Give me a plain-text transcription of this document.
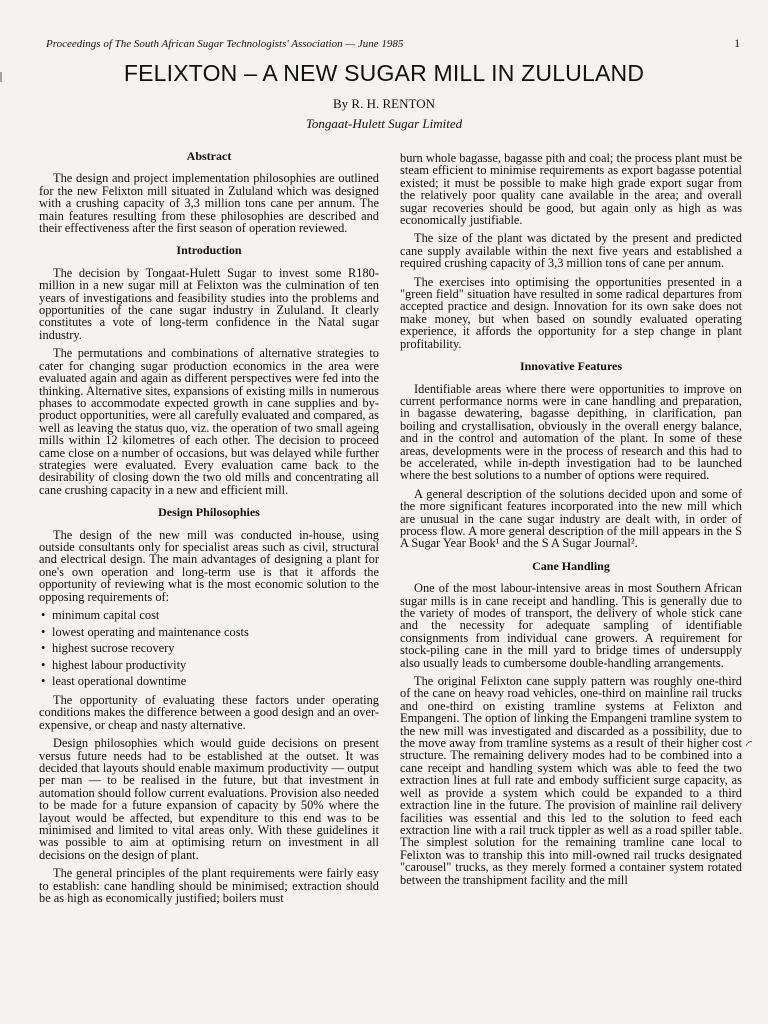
Proceedings of The South African Sugar Technologists' Association — June 1985	1
FELIXTON – A NEW SUGAR MILL IN ZULULAND
By R. H. RENTON
Tongaat-Hulett Sugar Limited
Abstract

The design and project implementation philosophies are outlined for the new Felixton mill situated in Zululand which was designed with a crushing capacity of 3,3 million tons cane per annum. The main features resulting from these philosophies are described and their effectiveness after the first season of operation reviewed.

Introduction

The decision by Tongaat-Hulett Sugar to invest some R180-million in a new sugar mill at Felixton was the culmination of ten years of investigations and feasibility studies into the problems and opportunities of the cane sugar industry in Zululand. It clearly constitutes a vote of long-term confidence in the Natal sugar industry.

The permutations and combinations of alternative strategies to cater for changing sugar production economics in the area were evaluated again and again as different perspectives were fed into the thinking. Alternative sites, expansions of existing mills in numerous phases to accommodate expected growth in cane supplies and by-product opportunities, were all carefully evaluated and compared, as well as leaving the status quo, viz. the operation of two small ageing mills within 12 kilometres of each other. The decision to proceed came close on a number of occasions, but was delayed while further strategies were evaluated. Every evaluation came back to the desirability of closing down the two old mills and concentrating all cane crushing capacity in a new and efficient mill.

Design Philosophies

The design of the new mill was conducted in-house, using outside consultants only for specialist areas such as civil, structural and electrical design. The main advantages of designing a plant for one's own operation and long-term use is that it affords the opportunity of reviewing what is the most economic solution to the opposing requirements of:

• minimum capital cost
• lowest operating and maintenance costs
• highest sucrose recovery
• highest labour productivity
• least operational downtime

The opportunity of evaluating these factors under operating conditions makes the difference between a good design and an over-expensive, or cheap and nasty alternative.

Design philosophies which would guide decisions on present versus future needs had to be established at the outset. It was decided that layouts should enable maximum productivity — output per man — to be realised in the future, but that investment in automation should follow current evaluations. Provision also needed to be made for a future expansion of capacity by 50% where the layout would be affected, but expenditure to this end was to be minimised and limited to vital areas only. With these guidelines it was possible to aim at optimising return on investment in all decisions on the design of plant.

The general principles of the plant requirements were fairly easy to establish: cane handling should be minimised; extraction should be as high as economically justified; boilers must

burn whole bagasse, bagasse pith and coal; the process plant must be steam efficient to minimise requirements as export bagasse potential existed; it must be possible to make high grade export sugar from the relatively poor quality cane available in the area; and overall sugar recoveries should be good, but again only as high as was economically justifiable.

The size of the plant was dictated by the present and predicted cane supply available within the next five years and established a required crushing capacity of 3,3 million tons of cane per annum.

The exercises into optimising the opportunities presented in a "green field" situation have resulted in some radical departures from accepted practice and design. Innovation for its own sake does not make money, but when based on soundly evaluated operating experience, it affords the opportunity for a step change in plant profitability.

Innovative Features

Identifiable areas where there were opportunities to improve on current performance norms were in cane handling and preparation, in bagasse dewatering, bagasse depithing, in clarification, pan boiling and crystallisation, obviously in the overall energy balance, and in the control and automation of the plant. In some of these areas, developments were in the process of research and this had to be accelerated, while in-depth investigation had to be launched where the best solutions to a number of options were required.

A general description of the solutions decided upon and some of the more significant features incorporated into the new mill which are unusual in the cane sugar industry are dealt with, in order of process flow. A more general description of the mill appears in the S A Sugar Year Book¹ and the S A Sugar Journal².

Cane Handling

One of the most labour-intensive areas in most Southern African sugar mills is in cane receipt and handling. This is generally due to the variety of modes of transport, the delivery of whole stick cane and the necessity for adequate sampling of identifiable consignments from individual cane growers. A requirement for stock-piling cane in the mill yard to bridge times of undersupply also usually leads to cumbersome double-handling arrangements.

The original Felixton cane supply pattern was roughly one-third of the cane on heavy road vehicles, one-third on mainline rail trucks and one-third on existing tramline systems at Felixton and Empangeni. The option of linking the Empangeni tramline system to the new mill was investigated and discarded as a possibility, due to the move away from tramline systems as a result of their higher cost structure. The remaining delivery modes had to be combined into a cane receipt and handling system which was able to feed the two extraction lines at full rate and embody sufficient surge capacity, as well as provide a system which could be expanded to a third extraction line in the future. The provision of mainline rail delivery facilities was essential and this led to the solution to feed each extraction line with a rail truck tippler as well as a road spiller table. The simplest solution for the remaining tramline cane local to Felixton was to tranship this into mill-owned rail trucks designated "carousel" trucks, as they merely formed a container system rotated between the transhipment facility and the mill
